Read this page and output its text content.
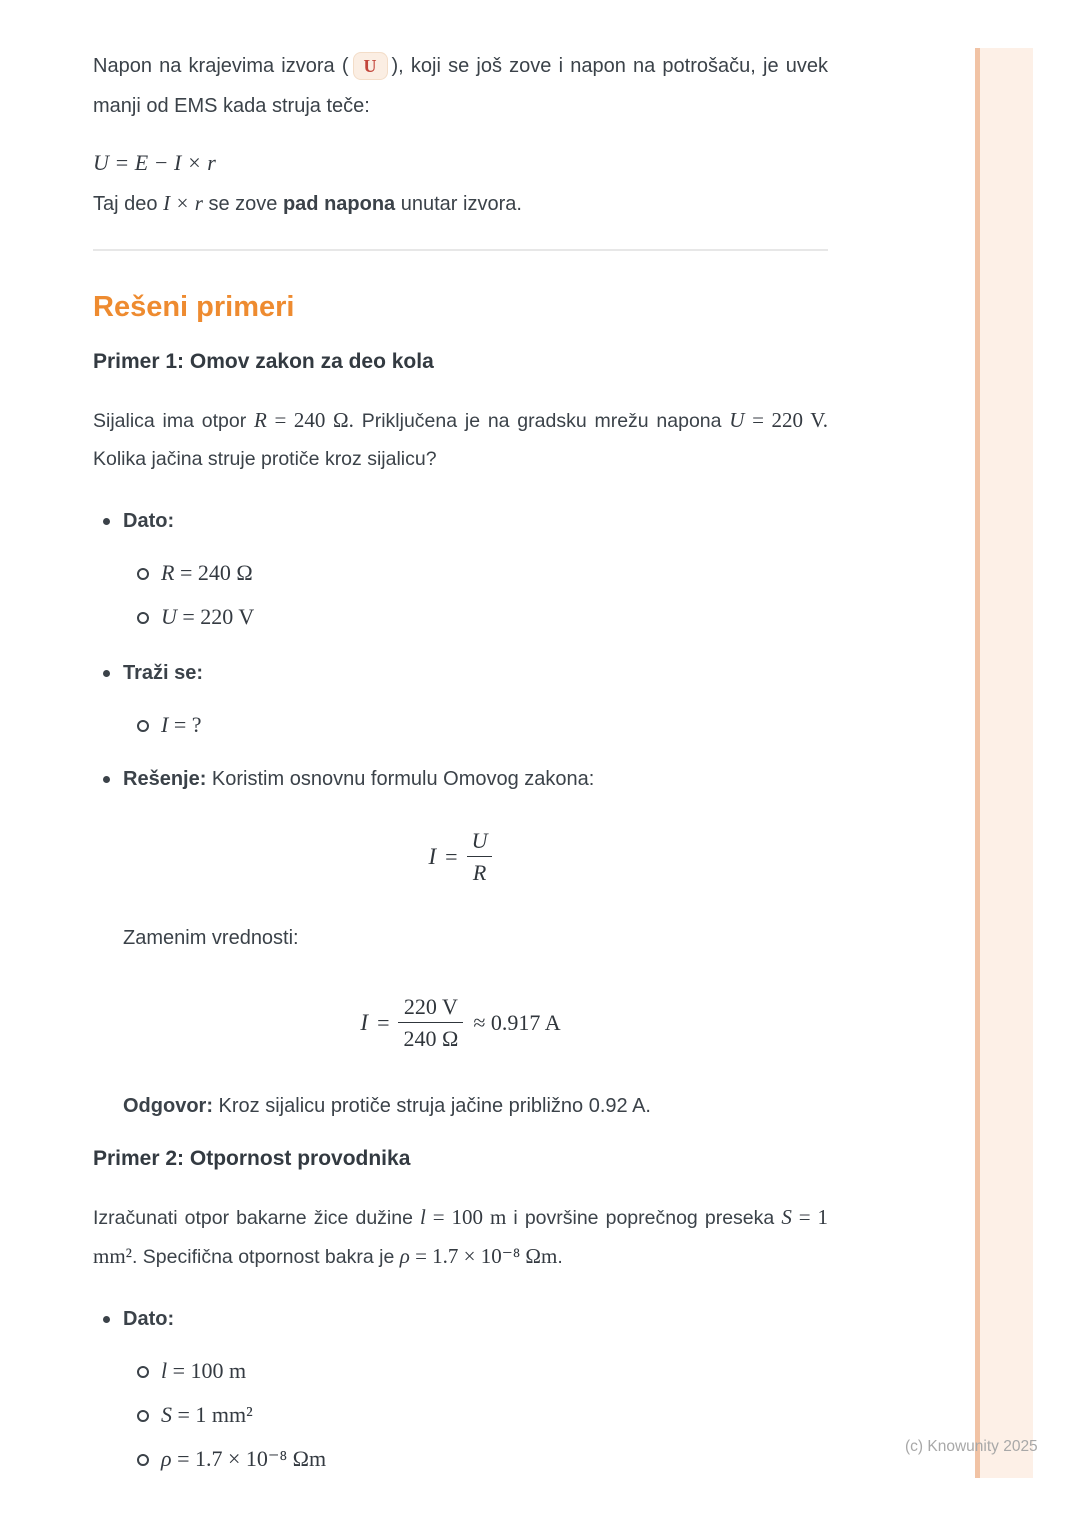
(c) Knowunity 2025

Napon na krajevima izvora ( U ), koji se još zove i napon na potrošaču, je uvek manji od EMS kada struja teče:

U = E − I × r

Taj deo I × r se zove pad napona unutar izvora.

Rešeni primeri
Primer 1: Omov zakon za deo kola

Sijalica ima otpor R = 240 Ω. Priključena je na gradsku mrežu napona U = 220 V. Kolika jačina struje protiče kroz sijalicu?

Dato:
R = 240 Ω
U = 220 V
Traži se:
I = ?
Rešenje: Koristim osnovnu formulu Omovog zakona:
$I = \frac{U}{R}$

Zamenim vrednosti:

$I = \frac{220 V}{240 \Omega} \approx 0.917$ A

Odgovor: Kroz sijalicu protiče struja jačine približno 0.92 A.

Primer 2: Otpornost provodnika

Izračunati otpor bakarne žice dužine l = 100 m i površine poprečnog preseka S = 1 mm². Specifična otpornost bakra je ρ = 1.7 × 10⁻⁸ Ωm.

Dato:
l = 100 m
S = 1 mm²
ρ = 1.7 × 10⁻⁸ Ωm
